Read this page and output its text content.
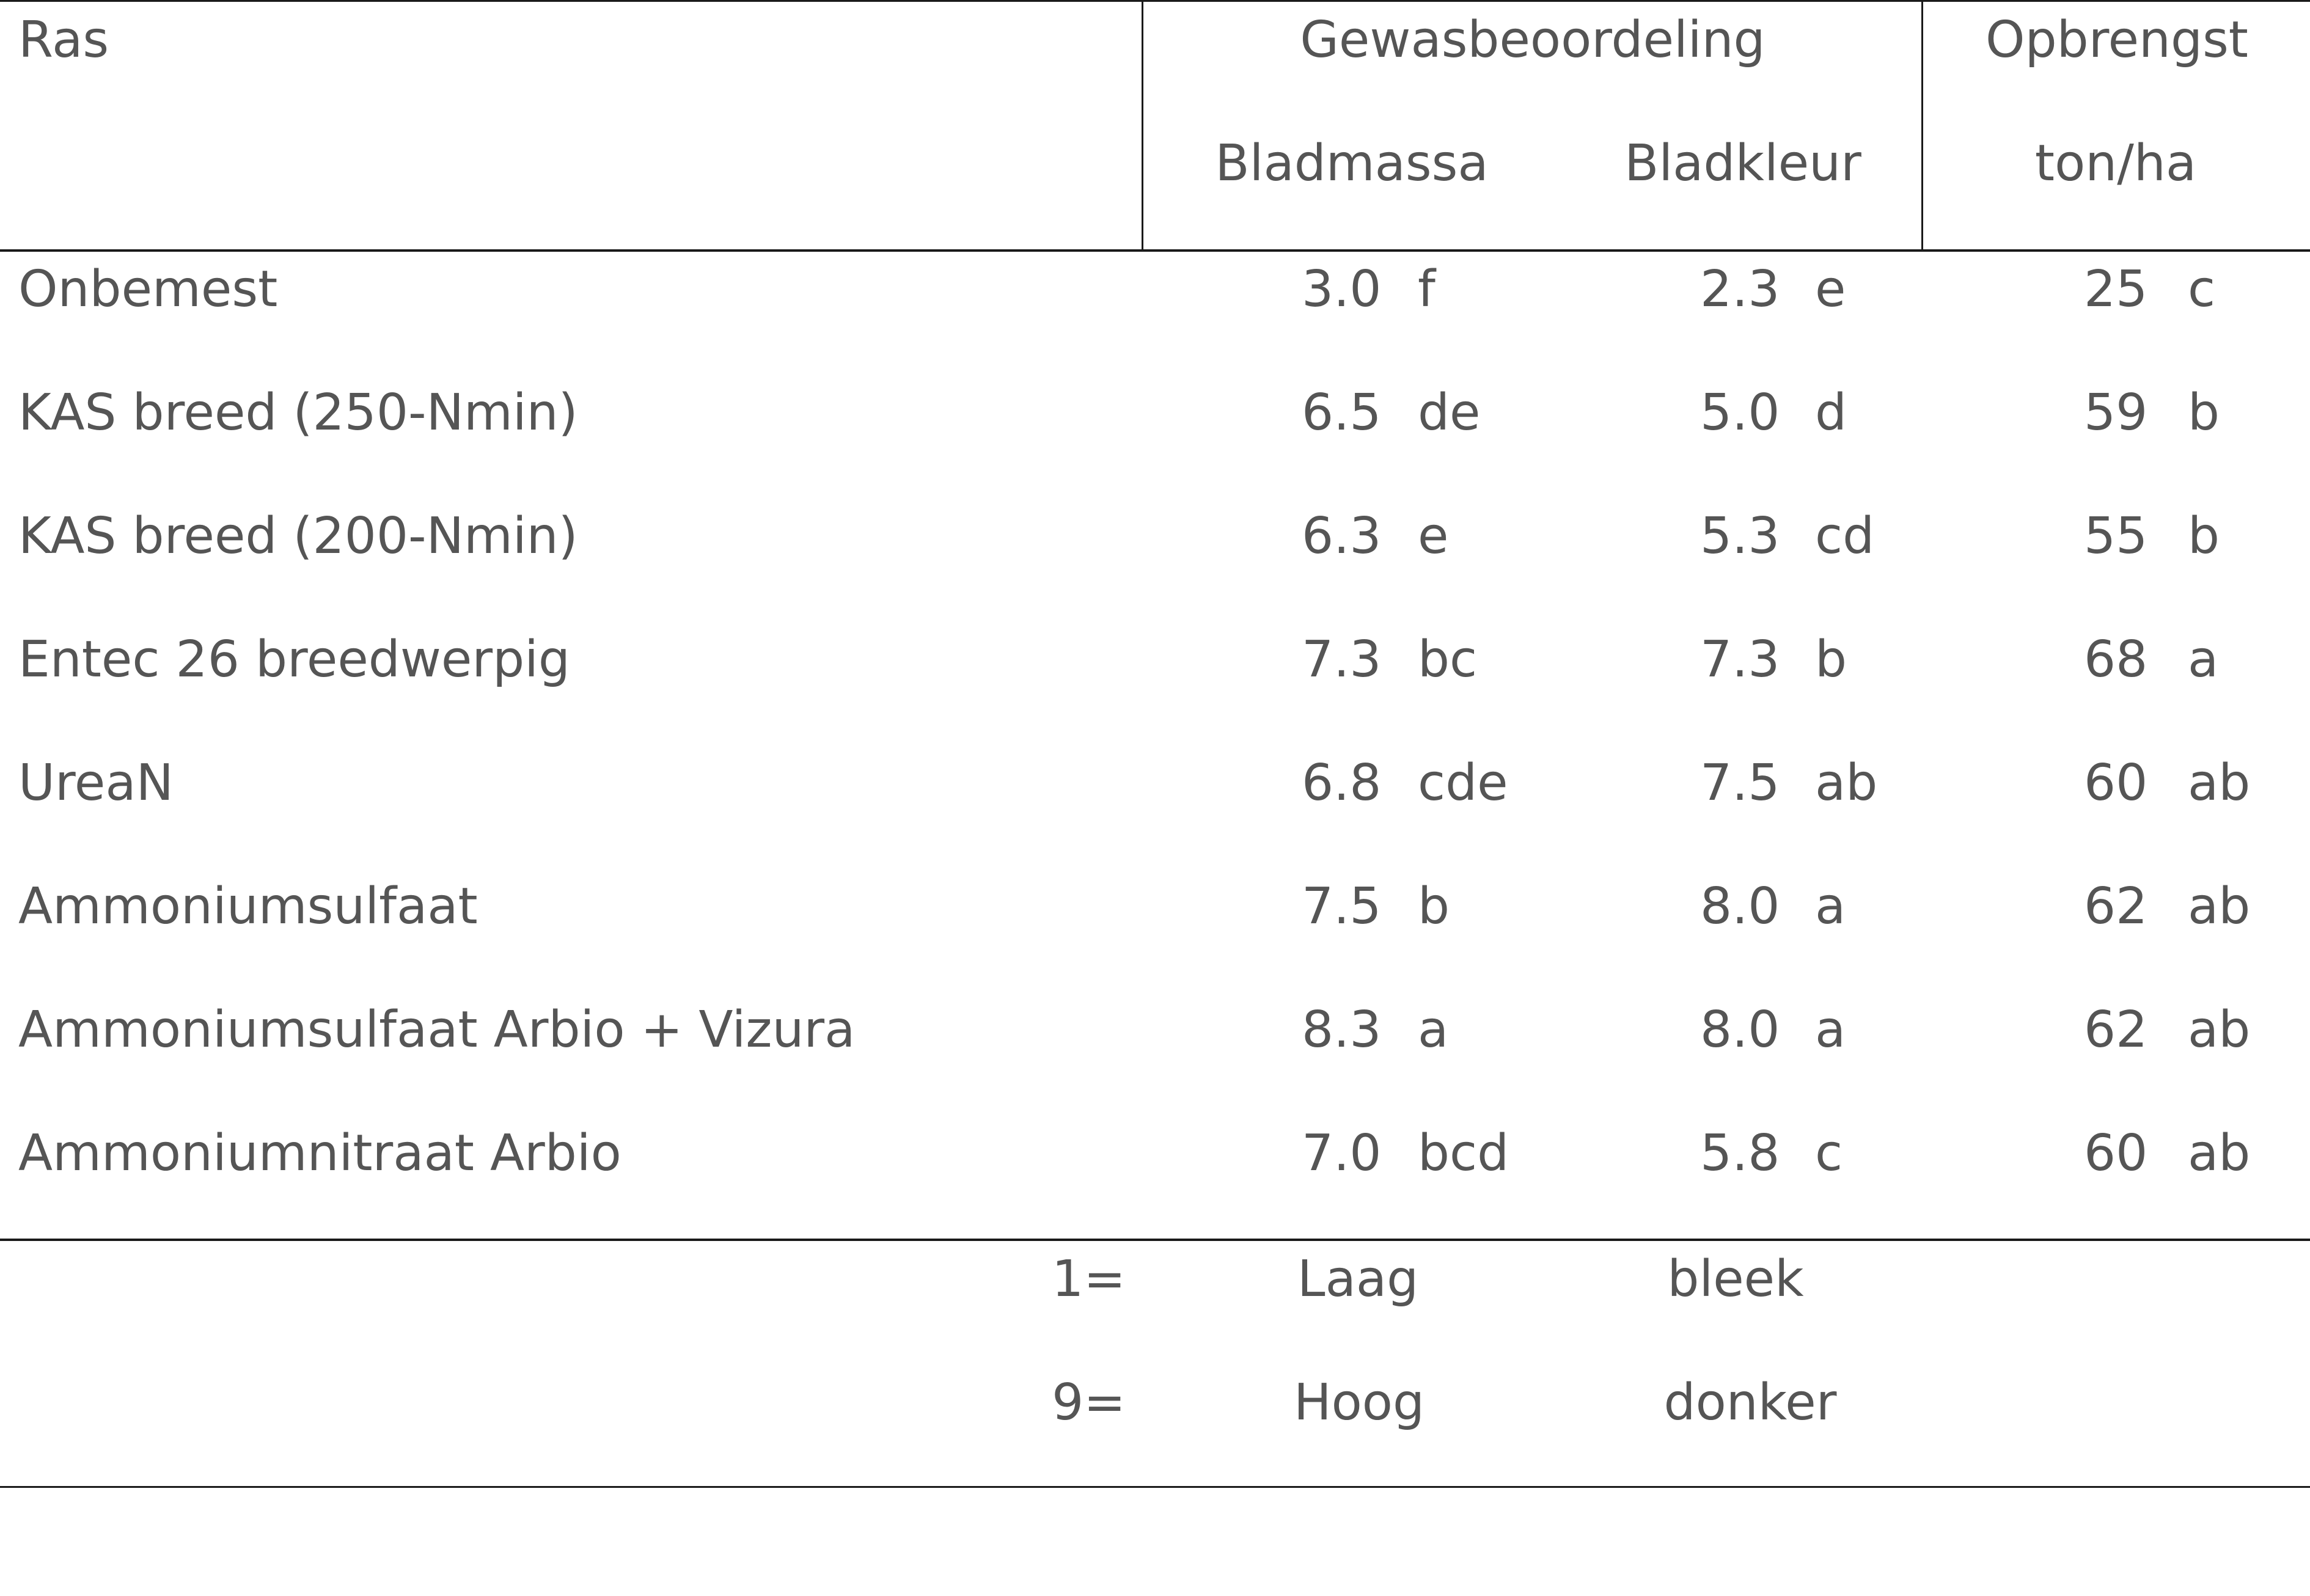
Ras	Gewasbeoordeling	Opbrengst
Bladmassa	Bladkleur	ton/ha
Onbemest	3.0 f	2.3 e	25 c
KAS breed (250-Nmin)	6.5 de	5.0 d	59 b
KAS breed (200-Nmin)	6.3 e	5.3 cd	55 b
Entec 26 breedwerpig	7.3 bc	7.3 b	68 a
UreaN	6.8 cde	7.5 ab	60 ab
Ammoniumsulfaat	7.5 b	8.0 a	62 ab
Ammoniumsulfaat Arbio + Vizura	8.3 a	8.0 a	62 ab
Ammoniumnitraat Arbio	7.0 bcd	5.8 c	60 ab
1=	Laag	bleek
9=	Hoog	donker
